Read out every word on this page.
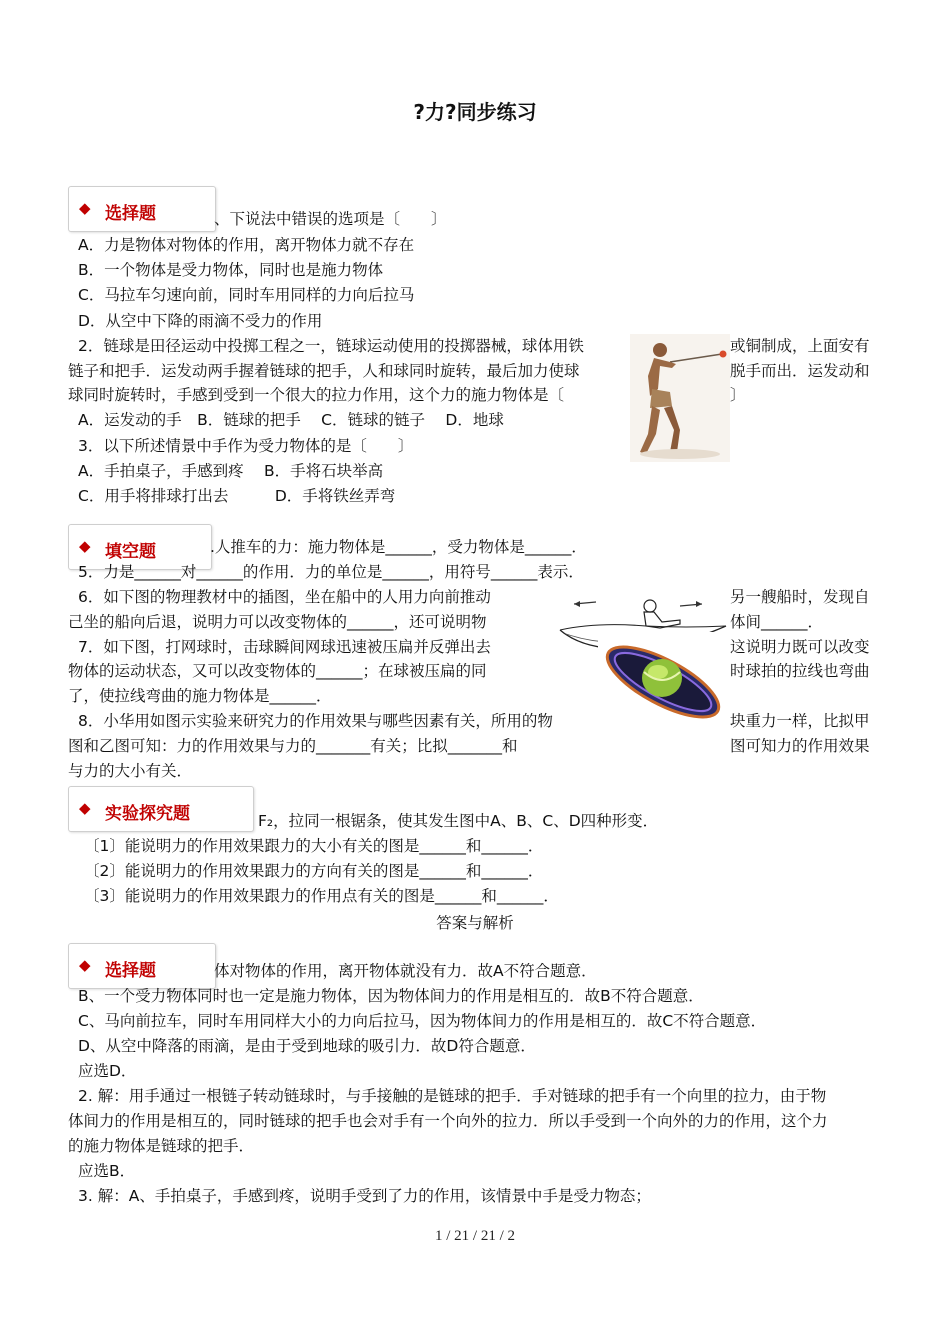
?力?同步练习
◆ 选择题	、下说法中错误的选项是〔　　〕
A．力是物体对物体的作用，离开物体力就不存在
B．一个物体是受力物体，同时也是施力物体
C．马拉车匀速向前，同时车用同样的力向后拉马
D．从空中下降的雨滴不受力的作用
2．链球是田径运动中投掷工程之一，链球运动使用的投掷器械，球体用铁	或铜制成，上面安有
链子和把手．运发动两手握着链球的把手，人和球同时旋转，最后加力使球	脱手而出．运发动和
球同时旋转时，手感到受到一个很大的拉力作用，这个力的施力物体是〔	〕
A．运发动的手　B．链球的把手　 C．链球的链子　 D．地球
3．以下所述情景中手作为受力物体的是〔　　〕
A．手拍桌子，手感到疼　 B．手将石块举高
C．用手将排球打出去　　　D．手将铁丝弄弯
◆ 填空题	.人推车的力：施力物体是______，受力物体是______．
5．力是______对______的作用．力的单位是______，用符号______表示．
6．如下图的物理教材中的插图，坐在船中的人用力向前推动	另一艘船时，发现自
己坐的船向后退，说明力可以改变物体的______，还可说明物	体间______．
7．如下图，打网球时，击球瞬间网球迅速被压扁并反弹出去	这说明力既可以改变
物体的运动状态，又可以改变物体的______；在球被压扁的同	时球拍的拉线也弯曲
了，使拉线弯曲的施力物体是______．
8．小华用如图示实验来研究力的作用效果与哪些因素有关，所用的物	块重力一样，比拟甲
图和乙图可知：力的作用效果与力的_______有关；比拟_______和	图可知力的作用效果
与力的大小有关．
◆ 实验探究题	F₂，拉同一根锯条，使其发生图中A、B、C、D四种形变．
〔1〕能说明力的作用效果跟力的大小有关的图是______和______．
〔2〕能说明力的作用效果跟力的方向有关的图是______和______．
〔3〕能说明力的作用效果跟力的作用点有关的图是______和______．
答案与解析
◆ 选择题	体对物体的作用，离开物体就没有力．故A不符合题意．
B、一个受力物体同时也一定是施力物体，因为物体间力的作用是相互的．故B不符合题意．
C、马向前拉车，同时车用同样大小的力向后拉马，因为物体间力的作用是相互的．故C不符合题意．
D、从空中降落的雨滴，是由于受到地球的吸引力．故D符合题意．
应选D．
2. 解：用手通过一根链子转动链球时，与手接触的是链球的把手．手对链球的把手有一个向里的拉力，由于物
体间力的作用是相互的，同时链球的把手也会对手有一个向外的拉力．所以手受到一个向外的力的作用，这个力
的施力物体是链球的把手．
应选B．
3. 解：A、手拍桌子，手感到疼，说明手受到了力的作用，该情景中手是受力物态；
1 / 21 / 21 / 2
